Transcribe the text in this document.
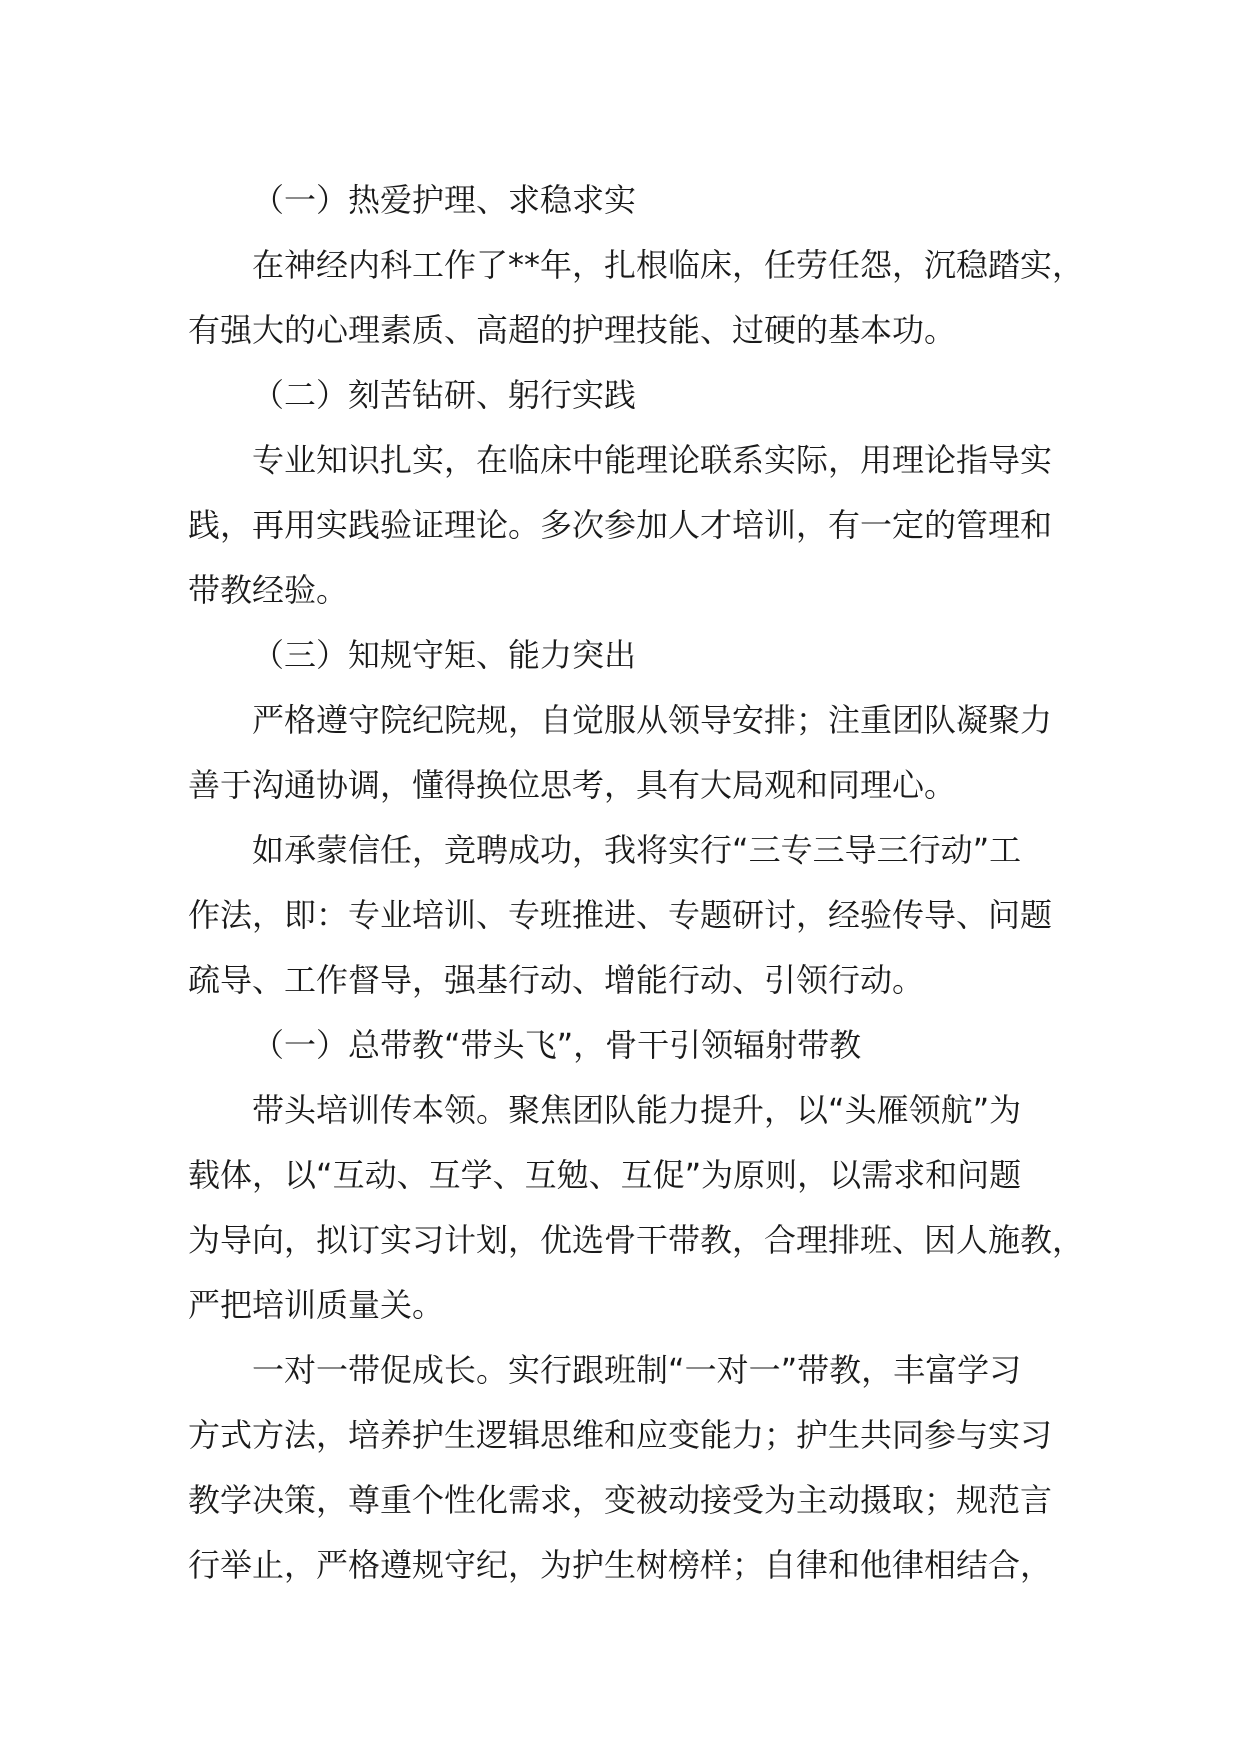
（一）热爱护理、求稳求实

在神经内科工作了**年，扎根临床，任劳任怨，沉稳踏实，

有强大的心理素质、高超的护理技能、过硬的基本功。

（二）刻苦钻研、躬行实践

专业知识扎实，在临床中能理论联系实际，用理论指导实

践，再用实践验证理论。多次参加人才培训，有一定的管理和

带教经验。

（三）知规守矩、能力突出

严格遵守院纪院规，自觉服从领导安排；注重团队凝聚力

善于沟通协调，懂得换位思考，具有大局观和同理心。

如承蒙信任，竞聘成功，我将实行“三专三导三行动”工

作法，即：专业培训、专班推进、专题研讨，经验传导、问题

疏导、工作督导，强基行动、增能行动、引领行动。

（一）总带教“带头飞”，骨干引领辐射带教

带头培训传本领。聚焦团队能力提升，以“头雁领航”为

载体，以“互动、互学、互勉、互促”为原则，以需求和问题

为导向，拟订实习计划，优选骨干带教，合理排班、因人施教，

严把培训质量关。

一对一带促成长。实行跟班制“一对一”带教，丰富学习

方式方法，培养护生逻辑思维和应变能力；护生共同参与实习

教学决策，尊重个性化需求，变被动接受为主动摄取；规范言

行举止，严格遵规守纪，为护生树榜样；自律和他律相结合，
